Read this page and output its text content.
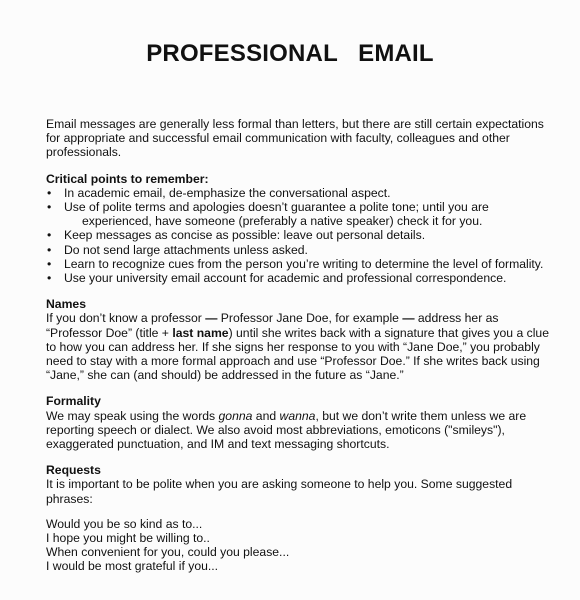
PROFESSIONAL   EMAIL

Email messages are generally less formal than letters, but there are still certain expectations

for appropriate and successful email communication with faculty, colleagues and other

professionals.

Critical points to remember:

• In academic email, de-emphasize the conversational aspect.
• Use of polite terms and apologies doesn’t guarantee a polite tone; until you are
experienced, have someone (preferably a native speaker) check it for you.
• Keep messages as concise as possible: leave out personal details.
• Do not send large attachments unless asked.
• Learn to recognize cues from the person you’re writing to determine the level of formality.
• Use your university email account for academic and professional correspondence.

Names

If you don’t know a professor — Professor Jane Doe, for example — address her as

“Professor Doe” (title + last name) until she writes back with a signature that gives you a clue

to how you can address her. If she signs her response to you with “Jane Doe,” you probably

need to stay with a more formal approach and use “Professor Doe.” If she writes back using

“Jane,” she can (and should) be addressed in the future as “Jane.”

Formality

We may speak using the words gonna and wanna, but we don’t write them unless we are

reporting speech or dialect. We also avoid most abbreviations, emoticons ("smileys"),

exaggerated punctuation, and IM and text messaging shortcuts.

Requests

It is important to be polite when you are asking someone to help you. Some suggested

phrases:

Would you be so kind as to...

I hope you might be willing to..

When convenient for you, could you please...

I would be most grateful if you...
